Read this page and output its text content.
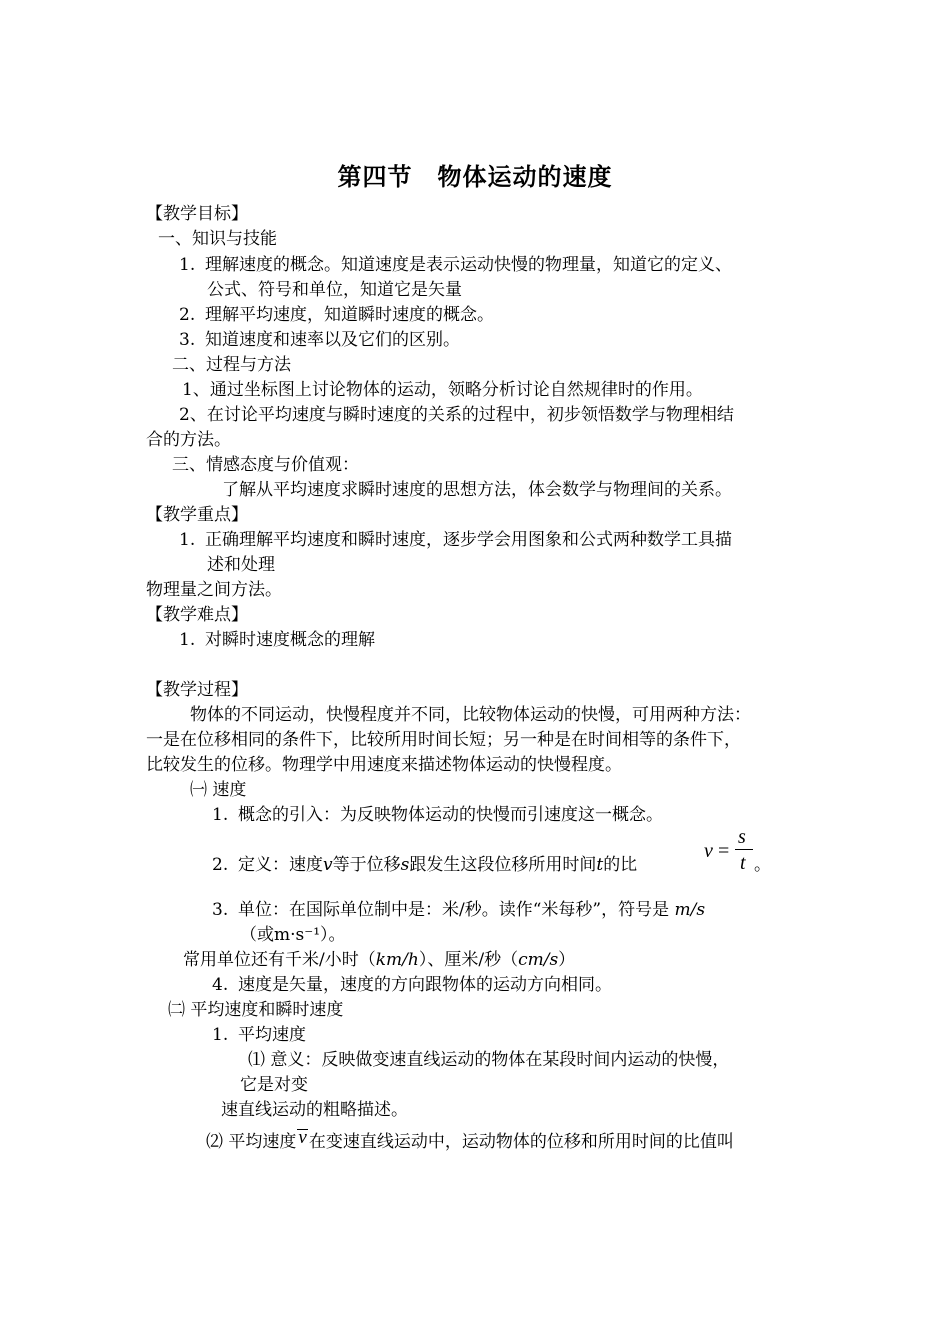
第四节　物体运动的速度

【教学目标】

一、知识与技能

1. 理解速度的概念。知道速度是表示运动快慢的物理量，知道它的定义、

公式、符号和单位，知道它是矢量

2. 理解平均速度，知道瞬时速度的概念。

3. 知道速度和速率以及它们的区别。

二、过程与方法

1、通过坐标图上讨论物体的运动，领略分析讨论自然规律时的作用。

2、在讨论平均速度与瞬时速度的关系的过程中，初步领悟数学与物理相结

合的方法。

三、情感态度与价值观：

了解从平均速度求瞬时速度的思想方法，体会数学与物理间的关系。

【教学重点】

1. 正确理解平均速度和瞬时速度，逐步学会用图象和公式两种数学工具描

述和处理

物理量之间方法。

【教学难点】

1. 对瞬时速度概念的理解

【教学过程】

物体的不同运动，快慢程度并不同，比较物体运动的快慢，可用两种方法：

一是在位移相同的条件下，比较所用时间长短；另一种是在时间相等的条件下，

比较发生的位移。物理学中用速度来描述物体运动的快慢程度。

㈠ 速度

1. 概念的引入：为反映物体运动的快慢而引速度这一概念。

2. 定义：速度v等于位移s跟发生这段位移所用时间t的比

v =
s
t 。

3. 单位：在国际单位制中是：米/秒。读作“米每秒”，符号是 m/s

（或m·s⁻¹）。

常用单位还有千米/小时（km/h）、厘米/秒（cm/s）

4. 速度是矢量，速度的方向跟物体的运动方向相同。

㈡ 平均速度和瞬时速度

1. 平均速度

⑴ 意义：反映做变速直线运动的物体在某段时间内运动的快慢，

它是对变

速直线运动的粗略描述。

⑵ 平均速度 v 在变速直线运动中，运动物体的位移和所用时间的比值叫
